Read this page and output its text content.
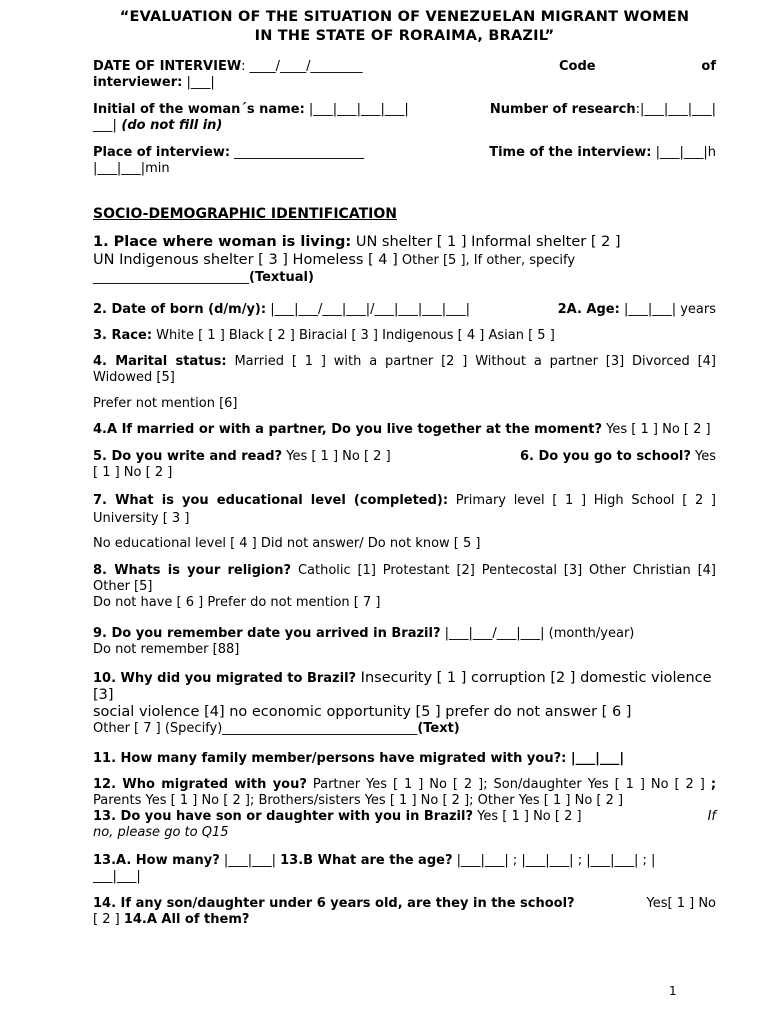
“EVALUATION OF THE SITUATION OF VENEZUELAN MIGRANT WOMEN
IN THE STATE OF RORAIMA, BRAZIL”
DATE OF INTERVIEW: ____/____/________	Code	of

interviewer: |___|

Initial of the woman´s name: |___|___|___|___|	Number of research:|___|___|___|

___| (do not fill in)

Place of interview: ____________________	Time of the interview: |___|___|h

|___|___|min

SOCIO-DEMOGRAPHIC IDENTIFICATION

1. Place where woman is living: UN shelter [ 1 ] Informal shelter [ 2 ]

UN Indigenous shelter [ 3 ] Homeless [ 4 ] Other [5 ], If other, specify

________________________(Textual)

2. Date of born (d/m/y): |___|___/___|___|/___|___|___|___|	2A. Age: |___|___| years

3. Race: White [ 1 ] Black [ 2 ] Biracial [ 3 ] Indigenous [ 4 ] Asian [ 5 ]

4. Marital status: Married [ 1 ] with a partner [2 ] Without a partner [3] Divorced [4] Widowed [5]

Prefer not mention [6]

4.A If married or with a partner, Do you live together at the moment? Yes [ 1 ] No [ 2 ]

5. Do you write and read? Yes [ 1 ] No [ 2 ]	6. Do you go to school? Yes

[ 1 ] No [ 2 ]

7. What is you educational level (completed): Primary level [ 1 ] High School [ 2 ] University [ 3 ]

No educational level [ 4 ] Did not answer/ Do not know [ 5 ]

8. Whats is your religion? Catholic [1] Protestant [2] Pentecostal [3] Other Christian [4] Other [5]

Do not have [ 6 ] Prefer do not mention [ 7 ]

9. Do you remember date you arrived in Brazil? |___|___/___|___| (month/year)

Do not remember [88]

10. Why did you migrated to Brazil? Insecurity [ 1 ] corruption [2 ] domestic violence [3]

social violence [4] no economic opportunity [5 ] prefer do not answer [ 6 ]

Other [ 7 ] (Specify)______________________________(Text)

11. How many family member/persons have migrated with you?: |___|___|

12. Who migrated with you? Partner Yes [ 1 ] No [ 2 ]; Son/daughter Yes [ 1 ] No [ 2 ] ; Parents Yes [ 1 ] No [ 2 ]; Brothers/sisters Yes [ 1 ] No [ 2 ]; Other Yes [ 1 ] No [ 2 ]

13. Do you have son or daughter with you in Brazil? Yes [ 1 ] No [ 2 ]	If

no, please go to Q15

13.A. How many? |___|___| 13.B What are the age? |___|___| ; |___|___| ; |___|___| ; |

___|___|

14. If any son/daughter under 6 years old, are they in the school?	Yes[ 1 ] No

[ 2 ] 14.A All of them?

1
